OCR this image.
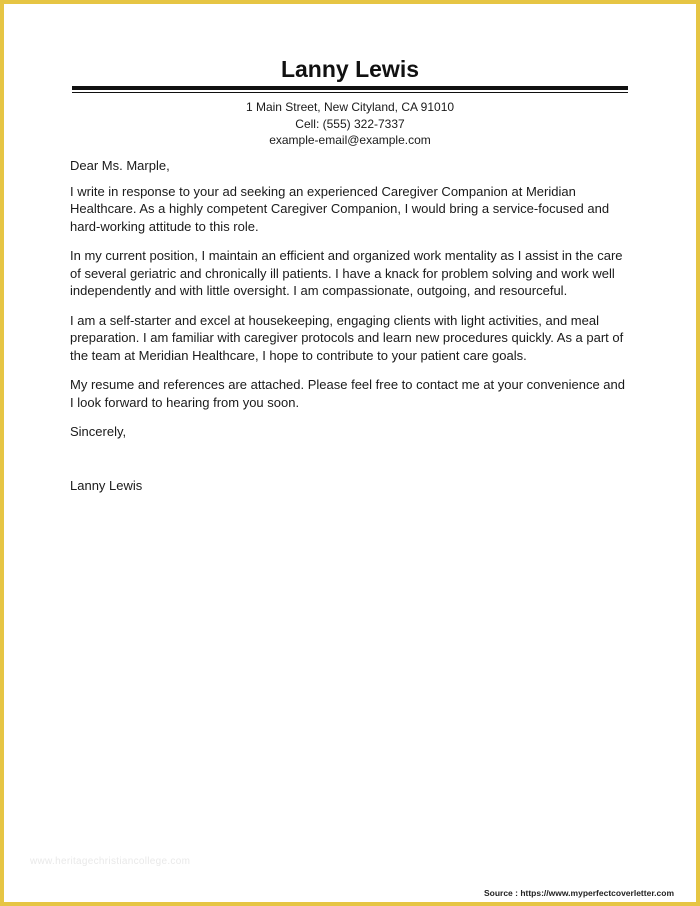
Lanny Lewis
1 Main Street, New Cityland, CA 91010
Cell: (555) 322-7337
example-email@example.com

Dear Ms. Marple,

I write in response to your ad seeking an experienced Caregiver Companion at Meridian Healthcare. As a highly competent Caregiver Companion, I would bring a service-focused and hard-working attitude to this role.

In my current position, I maintain an efficient and organized work mentality as I assist in the care of several geriatric and chronically ill patients. I have a knack for problem solving and work well independently and with little oversight. I am compassionate, outgoing, and resourceful.

I am a self-starter and excel at housekeeping, engaging clients with light activities, and meal preparation. I am familiar with caregiver protocols and learn new procedures quickly. As a part of the team at Meridian Healthcare, I hope to contribute to your patient care goals.

My resume and references are attached. Please feel free to contact me at your convenience and I look forward to hearing from you soon.

Sincerely,

Lanny Lewis

www.heritagechristiancollege.com
Source : https://www.myperfectcoverletter.com
